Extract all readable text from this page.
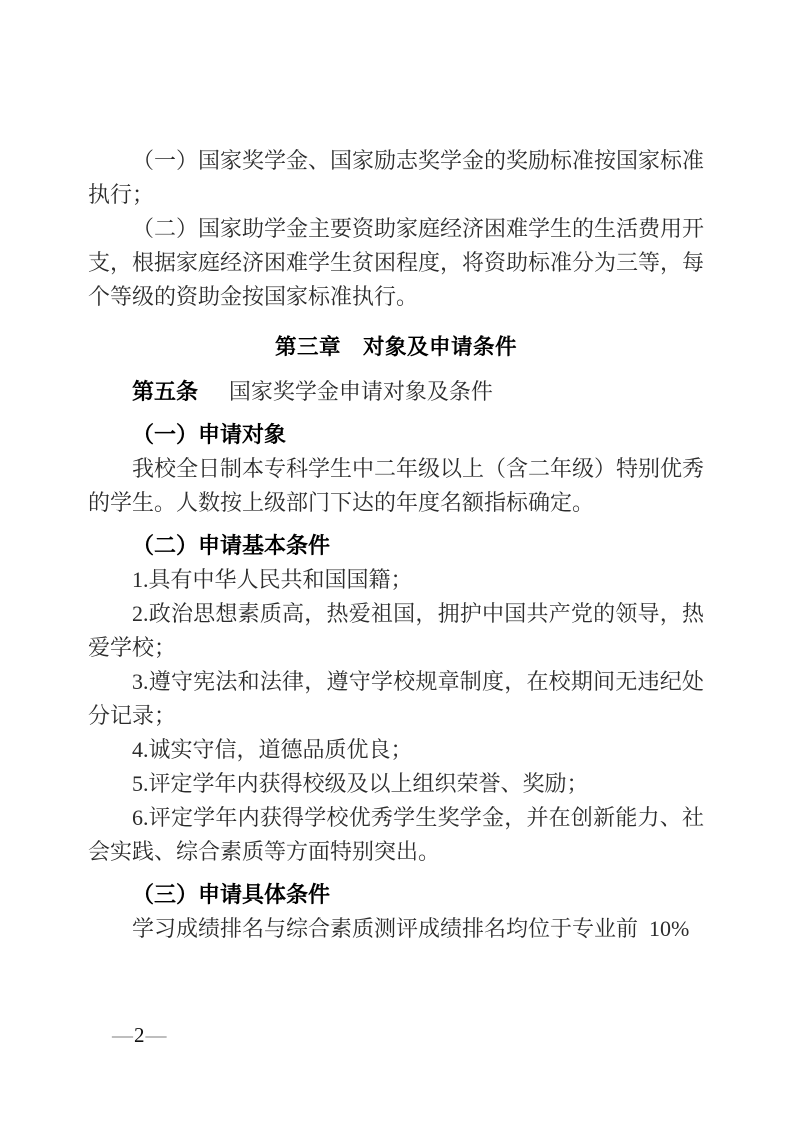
（一）国家奖学金、国家励志奖学金的奖励标准按国家标准
执行；
（二）国家助学金主要资助家庭经济困难学生的生活费用开
支，根据家庭经济困难学生贫困程度，将资助标准分为三等，每
个等级的资助金按国家标准执行。
第三章　对象及申请条件
第五条 国家奖学金申请对象及条件
（一）申请对象
我校全日制本专科学生中二年级以上（含二年级）特别优秀
的学生。人数按上级部门下达的年度名额指标确定。
（二）申请基本条件
1.具有中华人民共和国国籍；
2.政治思想素质高，热爱祖国，拥护中国共产党的领导，热
爱学校；
3.遵守宪法和法律，遵守学校规章制度，在校期间无违纪处
分记录；
4.诚实守信，道德品质优良；
5.评定学年内获得校级及以上组织荣誉、奖励；
6.评定学年内获得学校优秀学生奖学金，并在创新能力、社
会实践、综合素质等方面特别突出。
（三）申请具体条件
学习成绩排名与综合素质测评成绩排名均位于专业前  10%
—2—
